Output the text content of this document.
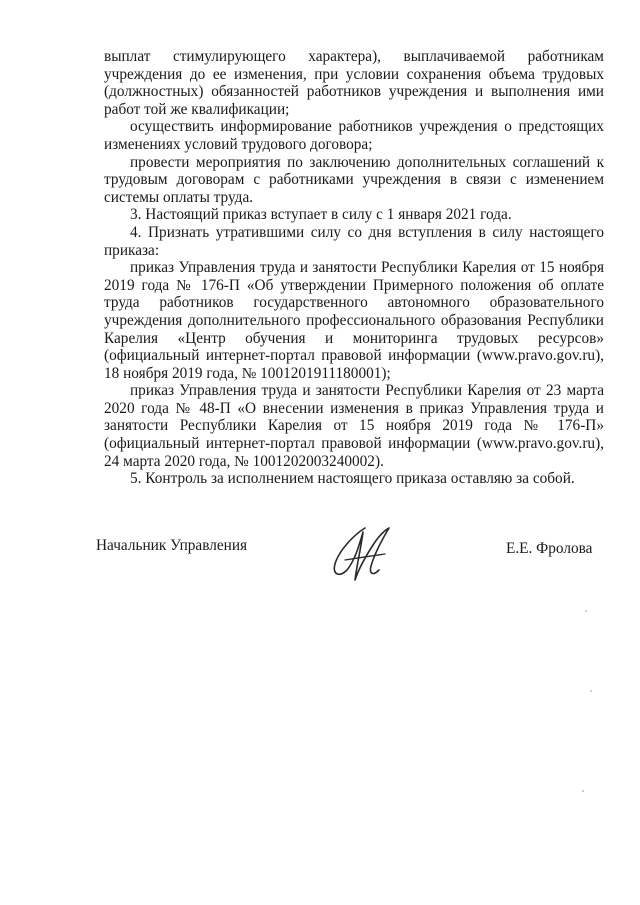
выплат стимулирующего характера), выплачиваемой работникам учреждения до ее изменения, при условии сохранения объема трудовых (должностных) обязанностей работников учреждения и выполнения ими работ той же квалификации;

осуществить информирование работников учреждения о предстоящих изменениях условий трудового договора;

провести мероприятия по заключению дополнительных соглашений к трудовым договорам с работниками учреждения в связи с изменением системы оплаты труда.

3. Настоящий приказ вступает в силу с 1 января 2021 года.

4. Признать утратившими силу со дня вступления в силу настоящего приказа:

приказ Управления труда и занятости Республики Карелия от 15 ноября 2019 года № 176-П «Об утверждении Примерного положения об оплате труда работников государственного автономного образовательного учреждения дополнительного профессионального образования Республики Карелия «Центр обучения и мониторинга трудовых ресурсов» (официальный интернет-портал правовой информации (www.pravo.gov.ru), 18 ноября 2019 года, № 1001201911180001);

приказ Управления труда и занятости Республики Карелия от 23 марта 2020 года № 48-П «О внесении изменения в приказ Управления труда и занятости Республики Карелия от 15 ноября 2019 года № 176-П» (официальный интернет-портал правовой информации (www.pravo.gov.ru), 24 марта 2020 года, № 1001202003240002).

5. Контроль за исполнением настоящего приказа оставляю за собой.

Начальник Управления	Е.Е. Фролова
